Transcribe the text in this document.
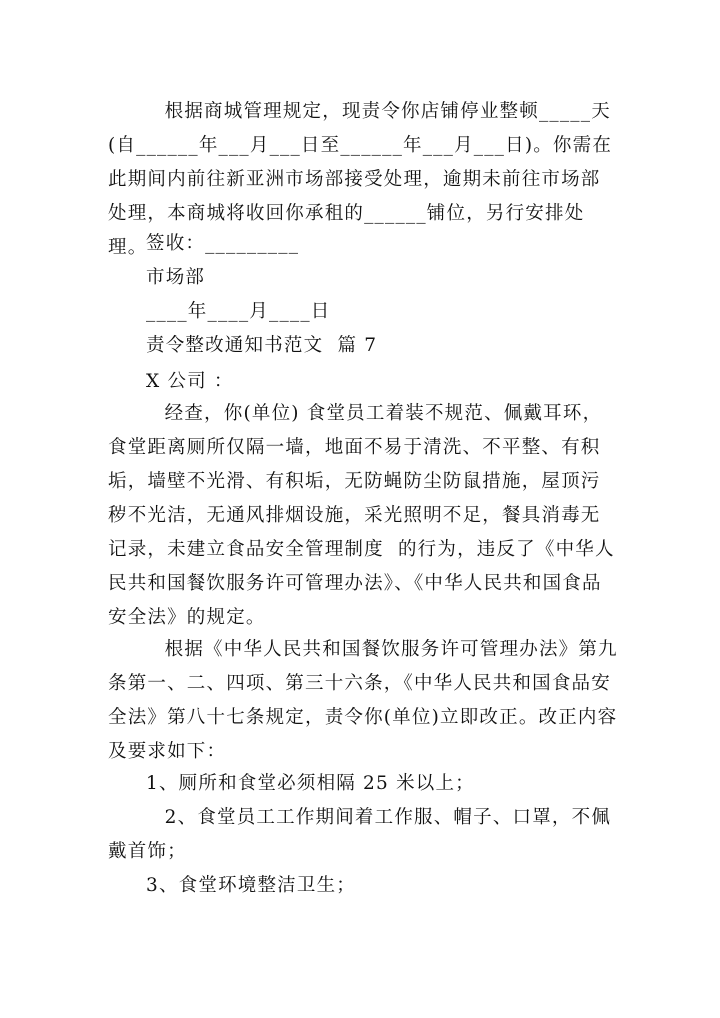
根据商城管理规定，现责令你店铺停业整顿_____天(自______年___月___日至______年___月___日)。你需在此期间内前往新亚洲市场部接受处理，逾期未前往市场部处理，本商城将收回你承租的______铺位，另行安排处理。
签收：_________
市场部
____年____月____日
责令整改通知书范文  篇 7
X 公司 ：
经查，你(单位) 食堂员工着装不规范、佩戴耳环，食堂距离厕所仅隔一墙，地面不易于清洗、不平整、有积垢，墙壁不光滑、有积垢，无防蝇防尘防鼠措施，屋顶污秽不光洁，无通风排烟设施，采光照明不足，餐具消毒无记录，未建立食品安全管理制度  的行为，违反了《中华人民共和国餐饮服务许可管理办法》、《中华人民共和国食品安全法》的规定。
根据《中华人民共和国餐饮服务许可管理办法》第九条第一、二、四项、第三十六条，《中华人民共和国食品安全法》第八十七条规定，责令你(单位)立即改正。改正内容及要求如下：
1、厕所和食堂必须相隔 25 米以上；
2、食堂员工工作期间着工作服、帽子、口罩，不佩戴首饰；
3、食堂环境整洁卫生；
